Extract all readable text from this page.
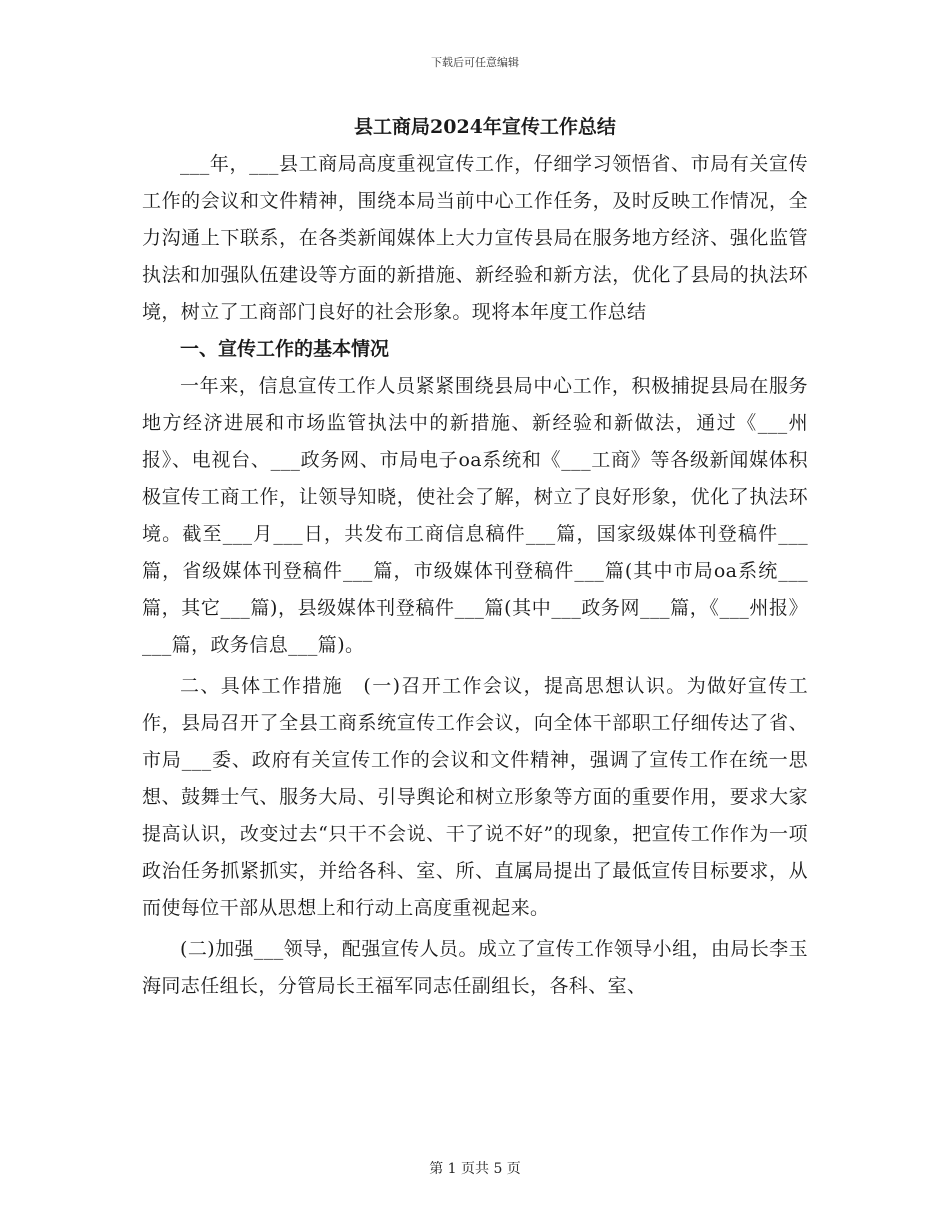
下载后可任意编辑
县工商局2024年宣传工作总结

___年，___县工商局高度重视宣传工作，仔细学习领悟省、市局有关宣传工作的会议和文件精神，围绕本局当前中心工作任务，及时反映工作情况，全力沟通上下联系，在各类新闻媒体上大力宣传县局在服务地方经济、强化监管执法和加强队伍建设等方面的新措施、新经验和新方法，优化了县局的执法环境，树立了工商部门良好的社会形象。现将本年度工作总结

一、宣传工作的基本情况

一年来，信息宣传工作人员紧紧围绕县局中心工作，积极捕捉县局在服务地方经济进展和市场监管执法中的新措施、新经验和新做法，通过《___州报》、电视台、___政务网、市局电子oa系统和《___工商》等各级新闻媒体积极宣传工商工作，让领导知晓，使社会了解，树立了良好形象，优化了执法环境。截至___月___日，共发布工商信息稿件___篇，国家级媒体刊登稿件___篇，省级媒体刊登稿件___篇，市级媒体刊登稿件___篇(其中市局oa系统___篇，其它___篇)，县级媒体刊登稿件___篇(其中___政务网___篇，《___州报》___篇，政务信息___篇)。

二、具体工作措施　(一)召开工作会议，提高思想认识。为做好宣传工作，县局召开了全县工商系统宣传工作会议，向全体干部职工仔细传达了省、市局___委、政府有关宣传工作的会议和文件精神，强调了宣传工作在统一思想、鼓舞士气、服务大局、引导舆论和树立形象等方面的重要作用，要求大家提高认识，改变过去“只干不会说、干了说不好”的现象，把宣传工作作为一项政治任务抓紧抓实，并给各科、室、所、直属局提出了最低宣传目标要求，从而使每位干部从思想上和行动上高度重视起来。

(二)加强___领导，配强宣传人员。成立了宣传工作领导小组，由局长李玉海同志任组长，分管局长王福军同志任副组长，各科、室、

第 1 页共 5 页
